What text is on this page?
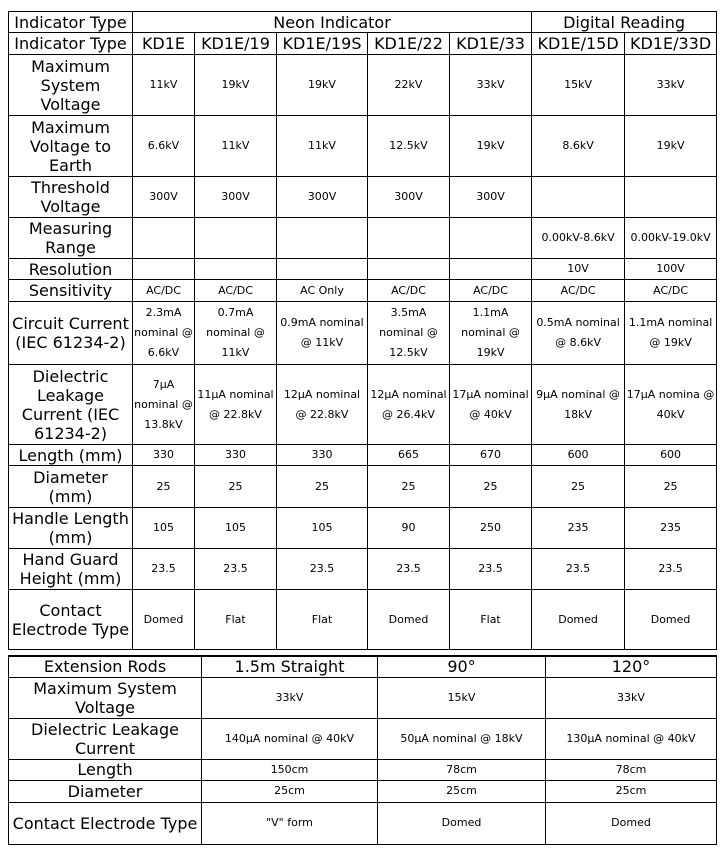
Indicator Type	Neon Indicator					Digital Reading	
Indicator Type	KD1E	KD1E/19	KD1E/19S	KD1E/22	KD1E/33	KD1E/15D	KD1E/33D
Maximum System Voltage	11kV	19kV	19kV	22kV	33kV	15kV	33kV
Maximum Voltage to Earth	6.6kV	11kV	11kV	12.5kV	19kV	8.6kV	19kV
Threshold Voltage	300V	300V	300V	300V	300V		
Measuring Range						0.00kV-8.6kV	0.00kV-19.0kV
Resolution						10V	100V
Sensitivity	AC/DC	AC/DC	AC Only	AC/DC	AC/DC	AC/DC	AC/DC
Circuit Current (IEC 61234-2)	2.3mA nominal @ 6.6kV	0.7mA nominal @ 11kV	0.9mA nominal @ 11kV	3.5mA nominal @ 12.5kV	1.1mA nominal @ 19kV	0.5mA nominal @ 8.6kV	1.1mA nominal @ 19kV
Dielectric Leakage Current (IEC 61234-2)	7μA nominal @ 13.8kV	11μA nominal @ 22.8kV	12μA nominal @ 22.8kV	12μA nominal @ 26.4kV	17μA nominal @ 40kV	9μA nominal @ 18kV	17μA nomina @ 40kV
Length (mm)	330	330	330	665	670	600	600
Diameter (mm)	25	25	25	25	25	25	25
Handle Length (mm)	105	105	105	90	250	235	235
Hand Guard Height (mm)	23.5	23.5	23.5	23.5	23.5	23.5	23.5
Contact Electrode Type	Domed	Flat	Flat	Domed	Flat	Domed	Domed
Extension Rods	1.5m Straight	90°	120°
Maximum System Voltage	33kV	15kV	33kV
Dielectric Leakage Current	140μA nominal @ 40kV	50μA nominal @ 18kV	130μA nominal @ 40kV
Length	150cm	78cm	78cm
Diameter	25cm	25cm	25cm
Contact Electrode Type	"V" form	Domed	Domed
